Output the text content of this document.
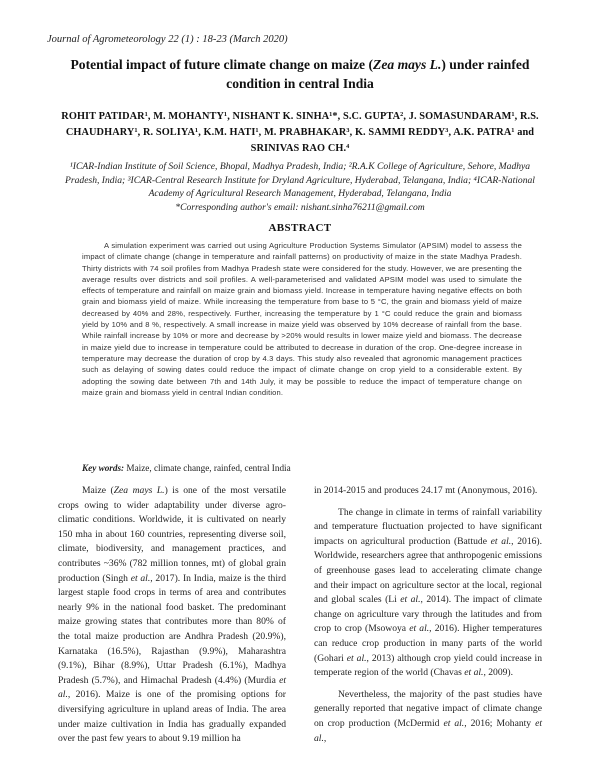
Journal of Agrometeorology 22 (1) : 18-23 (March 2020)
Potential impact of future climate change on maize (Zea mays L.) under rainfed condition in central India
ROHIT PATIDAR¹, M. MOHANTY¹, NISHANT K. SINHA¹*, S.C. GUPTA², J. SOMASUNDARAM¹, R.S. CHAUDHARY¹, R. SOLIYA¹, K.M. HATI¹, M. PRABHAKAR³, K. SAMMI REDDY³, A.K. PATRA¹ and SRINIVAS RAO CH.⁴
¹ICAR-Indian Institute of Soil Science, Bhopal, Madhya Pradesh, India; ²R.A.K College of Agriculture, Sehore, Madhya Pradesh, India; ³ICAR-Central Research Institute for Dryland Agriculture, Hyderabad, Telangana, India; ⁴ICAR-National Academy of Agricultural Research Management, Hyderabad, Telangana, India
*Corresponding author's email: nishant.sinha76211@gmail.com
ABSTRACT
A simulation experiment was carried out using Agriculture Production Systems Simulator (APSIM) model to assess the impact of climate change (change in temperature and rainfall patterns) on productivity of maize in the state Madhya Pradesh. Thirty districts with 74 soil profiles from Madhya Pradesh state were considered for the study. However, we are presenting the average results over districts and soil profiles. A well-parameterised and validated APSIM model was used to simulate the effects of temperature and rainfall on maize grain and biomass yield. Increase in temperature having negative effects on both grain and biomass yield of maize. While increasing the temperature from base to 5 °C, the grain and biomass yield of maize decreased by 40% and 28%, respectively. Further, increasing the temperature by 1 °C could reduce the grain and biomass yield by 10% and 8 %, respectively. A small increase in maize yield was observed by 10% decrease of rainfall from the base. While rainfall increase by 10% or more and decrease by >20% would results in lower maize yield and biomass. The decrease in maize yield due to increase in temperature could be attributed to decrease in duration of the crop. One-degree increase in temperature may decrease the duration of crop by 4.3 days. This study also revealed that agronomic management practices such as delaying of sowing dates could reduce the impact of climate change on crop yield to a considerable extent. By adopting the sowing date between 7th and 14th July, it may be possible to reduce the impact of temperature change on maize grain and biomass yield in central Indian condition.
Key words: Maize, climate change, rainfed, central India

Maize (Zea mays L.) is one of the most versatile crops owing to wider adaptability under diverse agro-climatic conditions. Worldwide, it is cultivated on nearly 150 mha in about 160 countries, representing diverse soil, climate, biodiversity, and management practices, and contributes ~36% (782 million tonnes, mt) of global grain production (Singh et al., 2017). In India, maize is the third largest staple food crops in terms of area and contributes nearly 9% in the national food basket. The predominant maize growing states that contributes more than 80% of the total maize production are Andhra Pradesh (20.9%), Karnataka (16.5%), Rajasthan (9.9%), Maharashtra (9.1%), Bihar (8.9%), Uttar Pradesh (6.1%), Madhya Pradesh (5.7%), and Himachal Pradesh (4.4%) (Murdia et al., 2016). Maize is one of the promising options for diversifying agriculture in upland areas of India. The area under maize cultivation in India has gradually expanded over the past few years to about 9.19 million ha

in 2014-2015 and produces 24.17 mt (Anonymous, 2016).

The change in climate in terms of rainfall variability and temperature fluctuation projected to have significant impacts on agricultural production (Battude et al., 2016). Worldwide, researchers agree that anthropogenic emissions of greenhouse gases lead to accelerating climate change and their impact on agriculture sector at the local, regional and global scales (Li et al., 2014). The impact of climate change on agriculture vary through the latitudes and from crop to crop (Msowoya et al., 2016). Higher temperatures can reduce crop production in many parts of the world (Gohari et al., 2013) although crop yield could increase in temperate region of the world (Chavas et al., 2009).

Nevertheless, the majority of the past studies have generally reported that negative impact of climate change on crop production (McDermid et al., 2016; Mohanty et al.,
